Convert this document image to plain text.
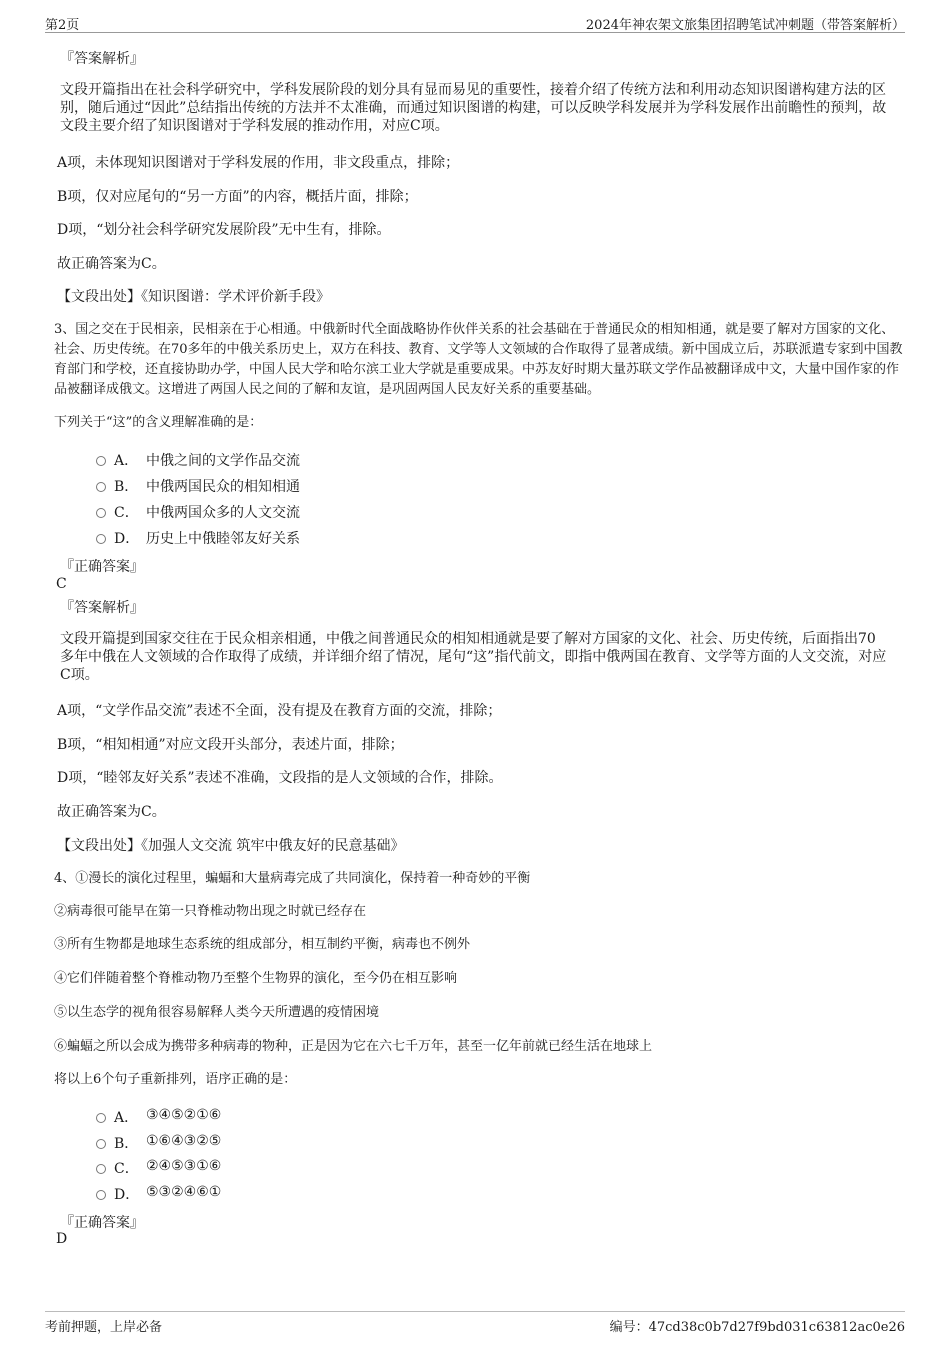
第2页	2024年神农架文旅集团招聘笔试冲刺题（带答案解析）
『答案解析』

文段开篇指出在社会科学研究中，学科发展阶段的划分具有显而易见的重要性，接着介绍了传统方法和利用动态知识图谱构建方法的区别，随后通过“因此”总结指出传统的方法并不太准确，而通过知识图谱的构建，可以反映学科发展并为学科发展作出前瞻性的预判，故文段主要介绍了知识图谱对于学科发展的推动作用，对应C项。

A项，未体现知识图谱对于学科发展的作用，非文段重点，排除；
B项，仅对应尾句的“另一方面”的内容，概括片面，排除；
D项，“划分社会科学研究发展阶段”无中生有，排除。
故正确答案为C。
【文段出处】《知识图谱：学术评价新手段》

3、国之交在于民相亲，民相亲在于心相通。中俄新时代全面战略协作伙伴关系的社会基础在于普通民众的相知相通，就是要了解对方国家的文化、社会、历史传统。在70多年的中俄关系历史上，双方在科技、教育、文学等人文领域的合作取得了显著成绩。新中国成立后，苏联派遣专家到中国教育部门和学校，还直接协助办学，中国人民大学和哈尔滨工业大学就是重要成果。中苏友好时期大量苏联文学作品被翻译成中文，大量中国作家的作品被翻译成俄文。这增进了两国人民之间的了解和友谊，是巩固两国人民友好关系的重要基础。

下列关于“这”的含义理解准确的是：
A． 中俄之间的文学作品交流
B． 中俄两国民众的相知相通
C． 中俄两国众多的人文交流
D． 历史上中俄睦邻友好关系
『正确答案』
C
『答案解析』

文段开篇提到国家交往在于民众相亲相通，中俄之间普通民众的相知相通就是要了解对方国家的文化、社会、历史传统，后面指出70多年中俄在人文领域的合作取得了成绩，并详细介绍了情况，尾句“这”指代前文，即指中俄两国在教育、文学等方面的人文交流，对应C项。

A项，“文学作品交流”表述不全面，没有提及在教育方面的交流，排除；
B项，“相知相通”对应文段开头部分，表述片面，排除；
D项，“睦邻友好关系”表述不准确，文段指的是人文领域的合作，排除。
故正确答案为C。
【文段出处】《加强人文交流 筑牢中俄友好的民意基础》
4、①漫长的演化过程里，蝙蝠和大量病毒完成了共同演化，保持着一种奇妙的平衡
②病毒很可能早在第一只脊椎动物出现之时就已经存在
③所有生物都是地球生态系统的组成部分，相互制约平衡，病毒也不例外
④它们伴随着整个脊椎动物乃至整个生物界的演化，至今仍在相互影响
⑤以生态学的视角很容易解释人类今天所遭遇的疫情困境
⑥蝙蝠之所以会成为携带多种病毒的物种，正是因为它在六七千万年，甚至一亿年前就已经生活在地球上
将以上6个句子重新排列，语序正确的是：
A． ③④⑤②①⑥
B． ①⑥④③②⑤
C． ②④⑤③①⑥
D． ⑤③②④⑥①
『正确答案』
D
考前押题，上岸必备	编号：47cd38c0b7d27f9bd031c63812ac0e26
